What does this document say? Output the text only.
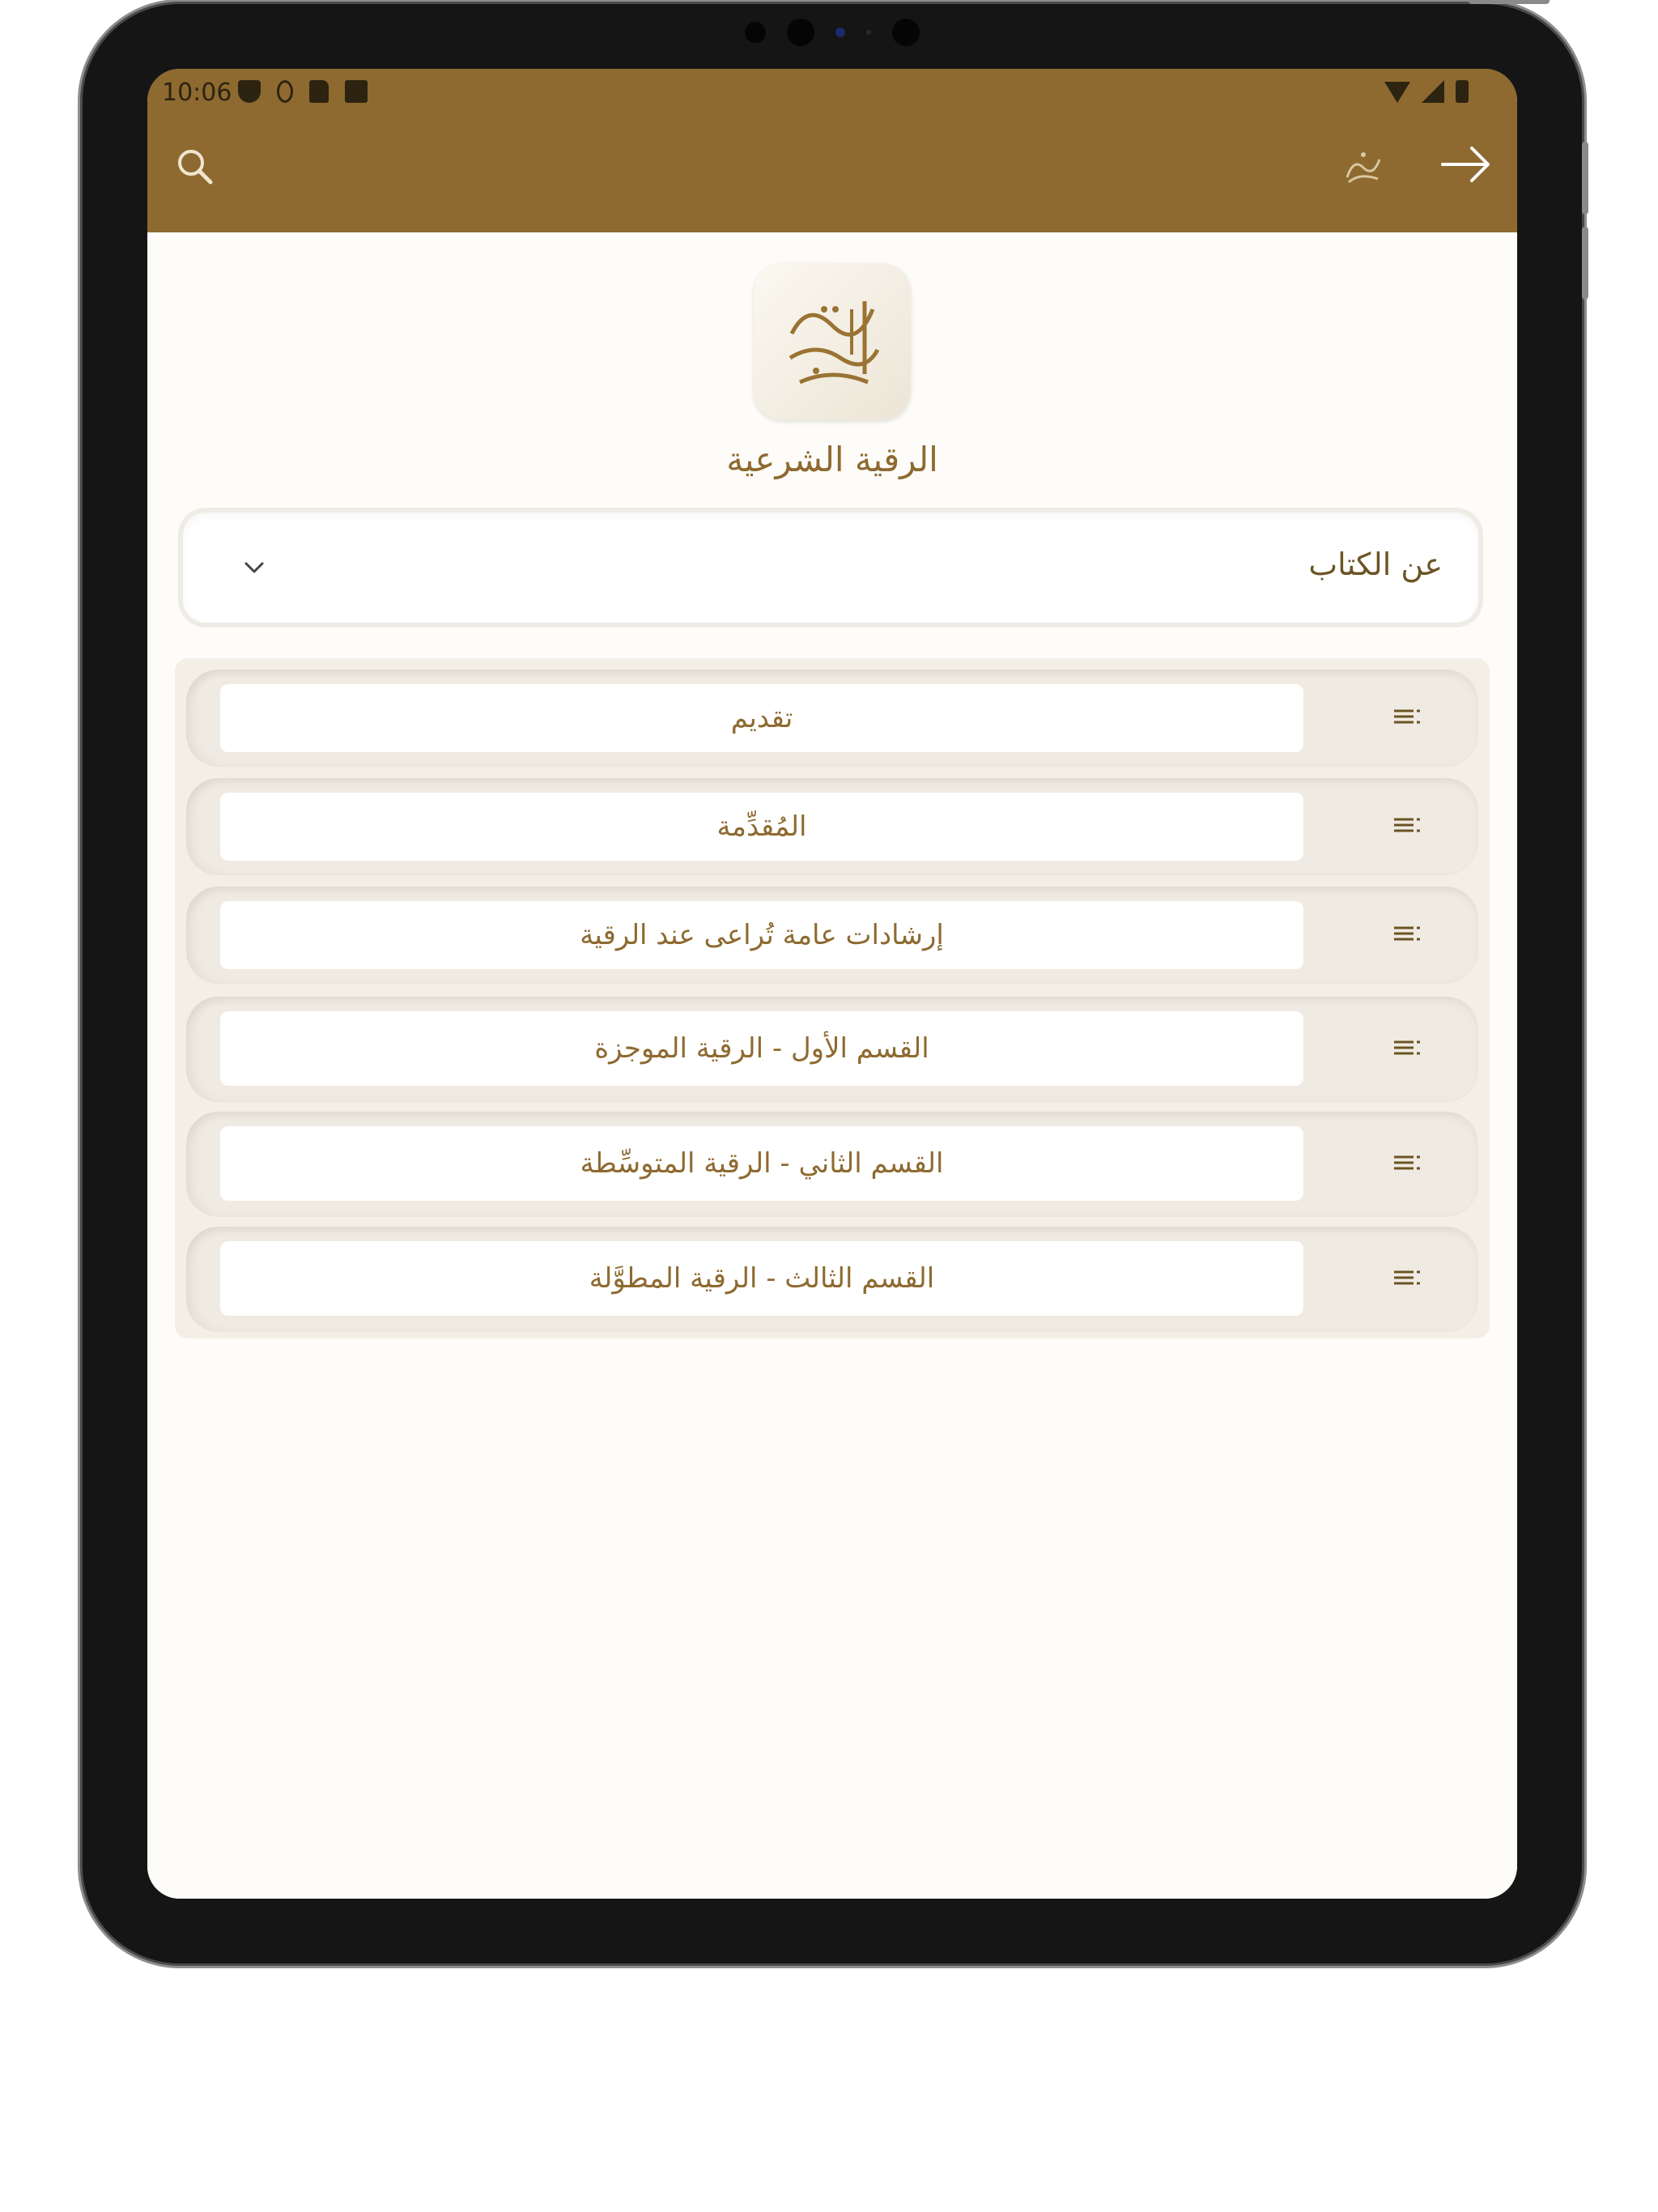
10:06
الرقية الشرعية
عن الكتاب
تقديم
المُقدِّمة
إرشادات عامة تُراعى عند الرقية
القسم الأول - الرقية الموجزة
القسم الثاني - الرقية المتوسِّطة
القسم الثالث - الرقية المطوَّلة
